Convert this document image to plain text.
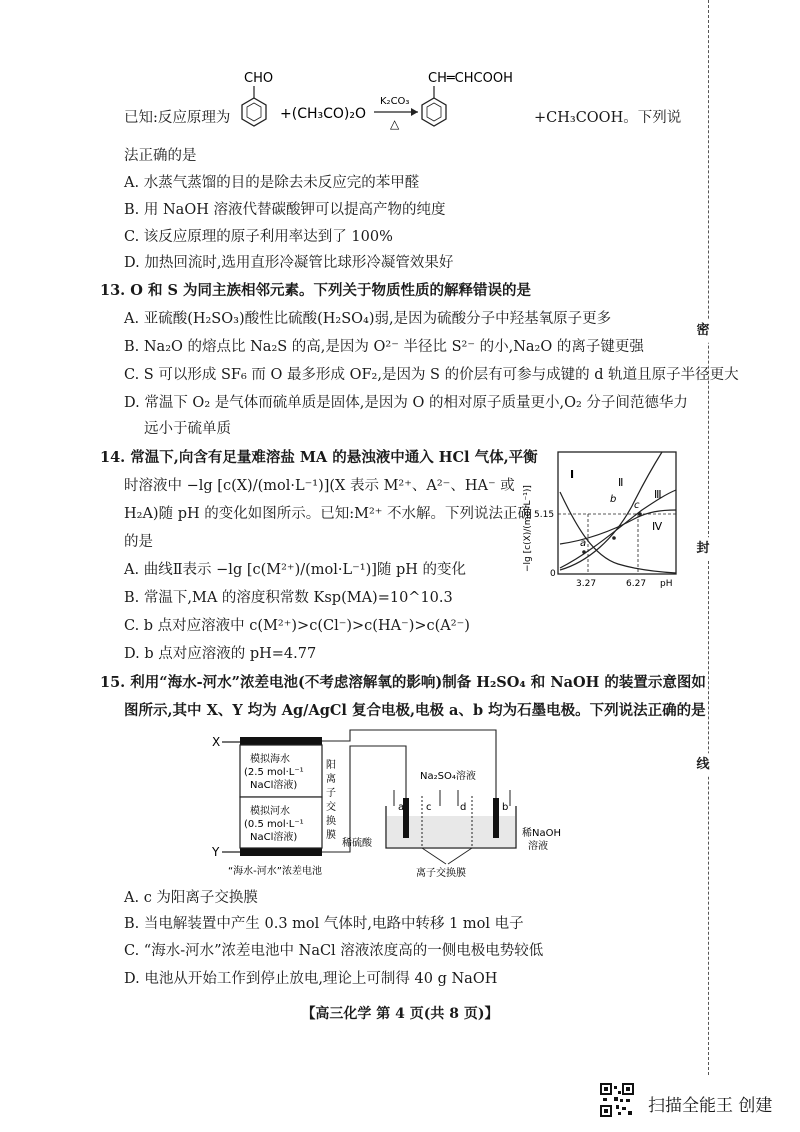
已知:反应原理为
CHO
+(CH₃CO)₂O
K₂CO₃
△
CH═CHCOOH
+CH₃COOH。下列说
法正确的是
A. 水蒸气蒸馏的目的是除去未反应完的苯甲醛
B. 用 NaOH 溶液代替碳酸钾可以提高产物的纯度
C. 该反应原理的原子利用率达到了 100%
D. 加热回流时,选用直形冷凝管比球形冷凝管效果好
13. O 和 S 为同主族相邻元素。下列关于物质性质的解释错误的是
A. 亚硫酸(H₂SO₃)酸性比硫酸(H₂SO₄)弱,是因为硫酸分子中羟基氧原子更多
B. Na₂O 的熔点比 Na₂S 的高,是因为 O²⁻ 半径比 S²⁻ 的小,Na₂O 的离子键更强
C. S 可以形成 SF₆ 而 O 最多形成 OF₂,是因为 S 的价层有可参与成键的 d 轨道且原子半径更大
D. 常温下 O₂ 是气体而硫单质是固体,是因为 O 的相对原子质量更小,O₂ 分子间范德华力
远小于硫单质
14. 常温下,向含有足量难溶盐 MA 的悬浊液中通入 HCl 气体,平衡
时溶液中 −lg [c(X)/(mol·L⁻¹)](X 表示 M²⁺、A²⁻、HA⁻ 或
H₂A)随 pH 的变化如图所示。已知:M²⁺ 不水解。下列说法正确
的是
A. 曲线Ⅱ表示 −lg [c(M²⁺)/(mol·L⁻¹)]随 pH 的变化
B. 常温下,MA 的溶度积常数 Ksp(MA)=10^10.3
C. b 点对应溶液中 c(M²⁺)>c(Cl⁻)>c(HA⁻)>c(A²⁻)
D. b 点对应溶液的 pH=4.77
−lg [c(X)/(mol·L⁻¹)]	a
b
c
Ⅰ
Ⅱ
Ⅲ
Ⅳ
5.15
0
3.27	6.27 pH
15. 利用“海水-河水”浓差电池(不考虑溶解氧的影响)制备 H₂SO₄ 和 NaOH 的装置示意图如
图所示,其中 X、Y 均为 Ag/AgCl 复合电极,电极 a、b 均为石墨电极。下列说法正确的是
X
Y
模拟海水
(2.5 mol·L⁻¹
NaCl溶液)
模拟河水
(0.5 mol·L⁻¹
NaCl溶液)
阳
离
子
交
换
膜
“海水-河水”浓差电池
Na₂SO₄溶液
a c	d	b
稀硫酸
稀NaOH
溶液
离子交换膜
A. c 为阳离子交换膜
B. 当电解装置中产生 0.3 mol 气体时,电路中转移 1 mol 电子
C. “海水-河水”浓差电池中 NaCl 溶液浓度高的一侧电极电势较低
D. 电池从开始工作到停止放电,理论上可制得 40 g NaOH
密
封
线
【高三化学 第 4 页(共 8 页)】
扫描全能王 创建
